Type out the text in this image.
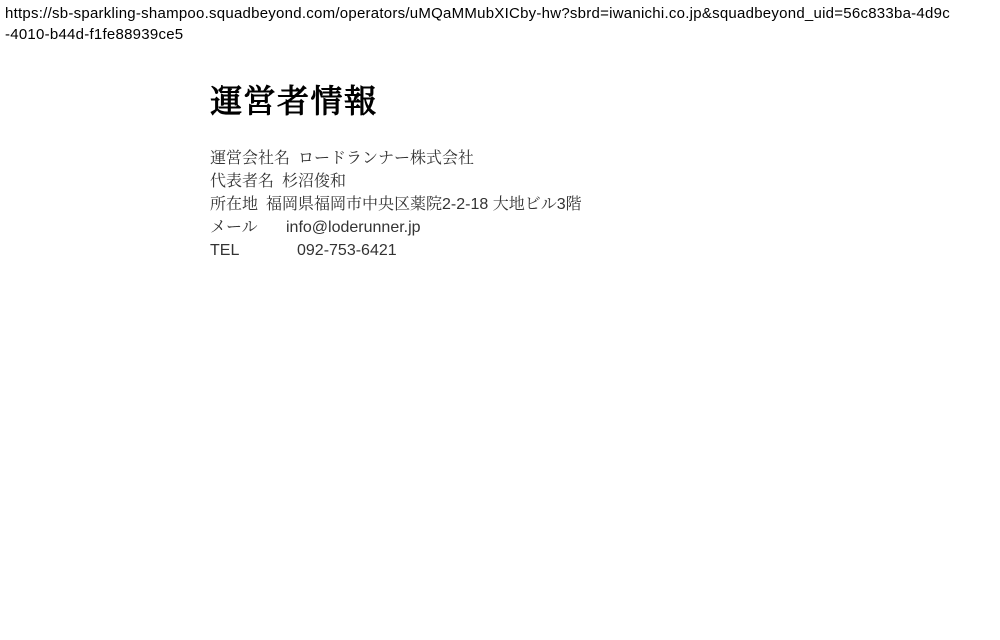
https://sb-sparkling-shampoo.squadbeyond.com/operators/uMQaMMubXICby-hw?sbrd=iwanichi.co.jp&squadbeyond_uid=56c833ba-4d9c-4010-b44d-f1fe88939ce5
運営者情報
運営会社名 ロードランナー株式会社
代表者名 杉沼俊和
所在地 福岡県福岡市中央区薬院2-2-18 大地ビル3階
メール info@loderunner.jp
TEL	092-753-6421
